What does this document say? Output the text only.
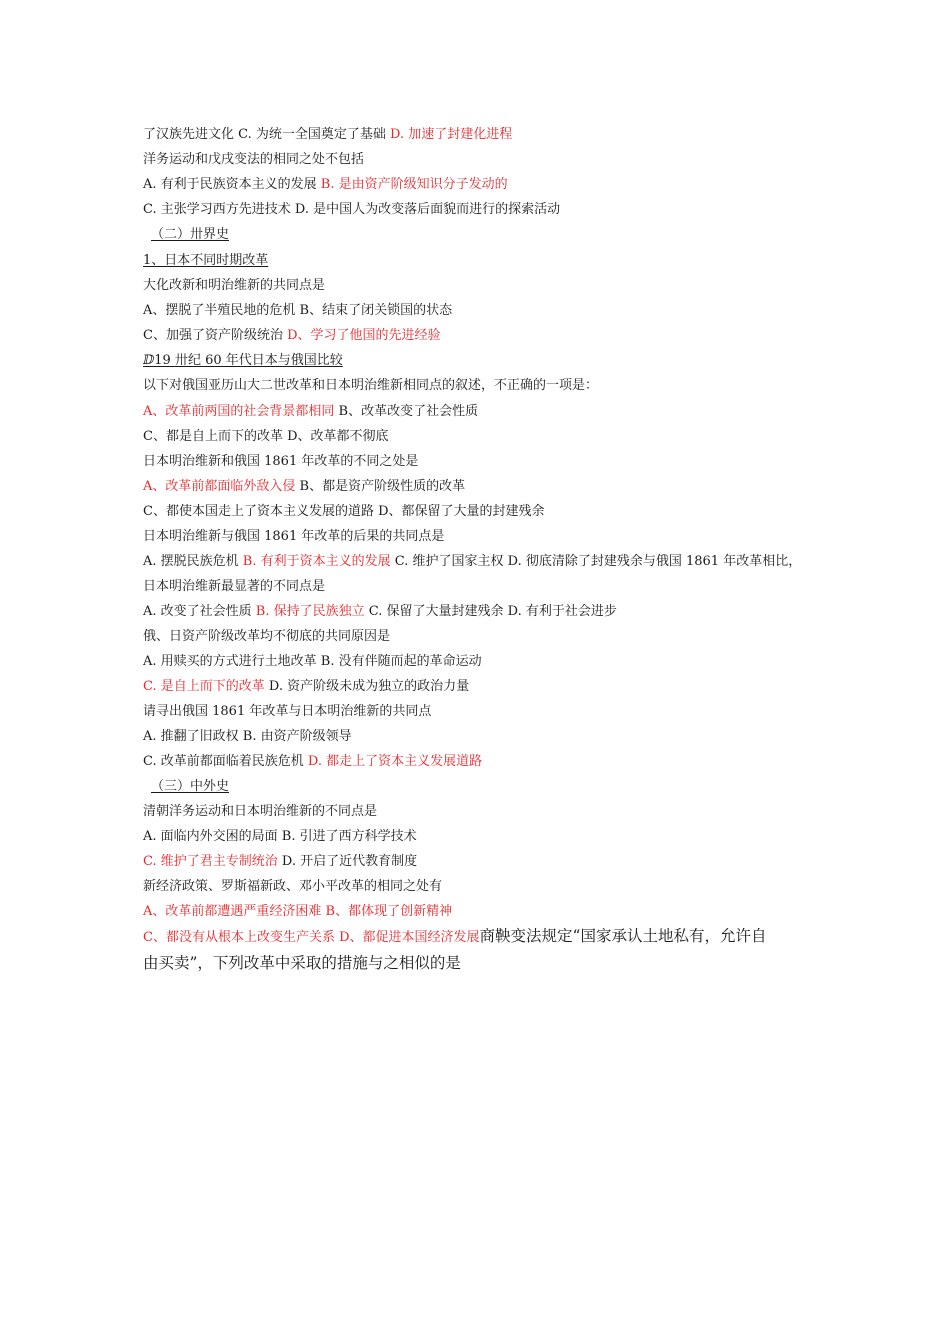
了汉族先进文化 C. 为统一全国奠定了基础 D. 加速了封建化进程
洋务运动和戊戌变法的相同之处不包括
A. 有利于民族资本主义的发展 B. 是由资产阶级知识分子发动的
C. 主张学习西方先进技术 D. 是中国人为改变落后面貌而进行的探索活动
（二）卅界史
1、日本不同时期改革
大化改新和明治维新的共同点是
A、摆脱了半殖民地的危机 B、结束了闭关锁国的状态
C、加强了资产阶级统治 D、学习了他国的先进经验
ⅅ19 卅纪 60 年代日本与俄国比较
以下对俄国亚历山大二世改革和日本明治维新相同点的叙述，不正确的一项是：
A、改革前两国的社会背景都相同 B、改革改变了社会性质
C、都是自上而下的改革 D、改革都不彻底
日本明治维新和俄国 1861 年改革的不同之处是
A、改革前都面临外敌入侵 B、都是资产阶级性质的改革
C、都使本国走上了资本主义发展的道路 D、都保留了大量的封建残余
日本明治维新与俄国 1861 年改革的后果的共同点是
A. 摆脱民族危机 B. 有利于资本主义的发展 C. 维护了国家主权 D. 彻底清除了封建残余与俄国 1861 年改革相比，
日本明治维新最显著的不同点是
A. 改变了社会性质 B. 保持了民族独立 C. 保留了大量封建残余 D. 有利于社会进步
俄、日资产阶级改革均不彻底的共同原因是
A. 用赎买的方式进行土地改革 B. 没有伴随而起的革命运动
C. 是自上而下的改革 D. 资产阶级未成为独立的政治力量
请寻出俄国 1861 年改革与日本明治维新的共同点
A. 推翻了旧政权 B. 由资产阶级领导
C. 改革前都面临着民族危机 D. 都走上了资本主义发展道路
（三）中外史
清朝洋务运动和日本明治维新的不同点是
A. 面临内外交困的局面 B. 引进了西方科学技术
C. 维护了君主专制统治 D. 开启了近代教育制度
新经济政策、罗斯福新政、邓小平改革的相同之处有
A、改革前都遭遇严重经济困难 B、都体现了创新精神
C、都没有从根本上改变生产关系 D、都促进本国经济发展商鞅变法规定“国家承认土地私有，允许自
由买卖”，下列改革中采取的措施与之相似的是
